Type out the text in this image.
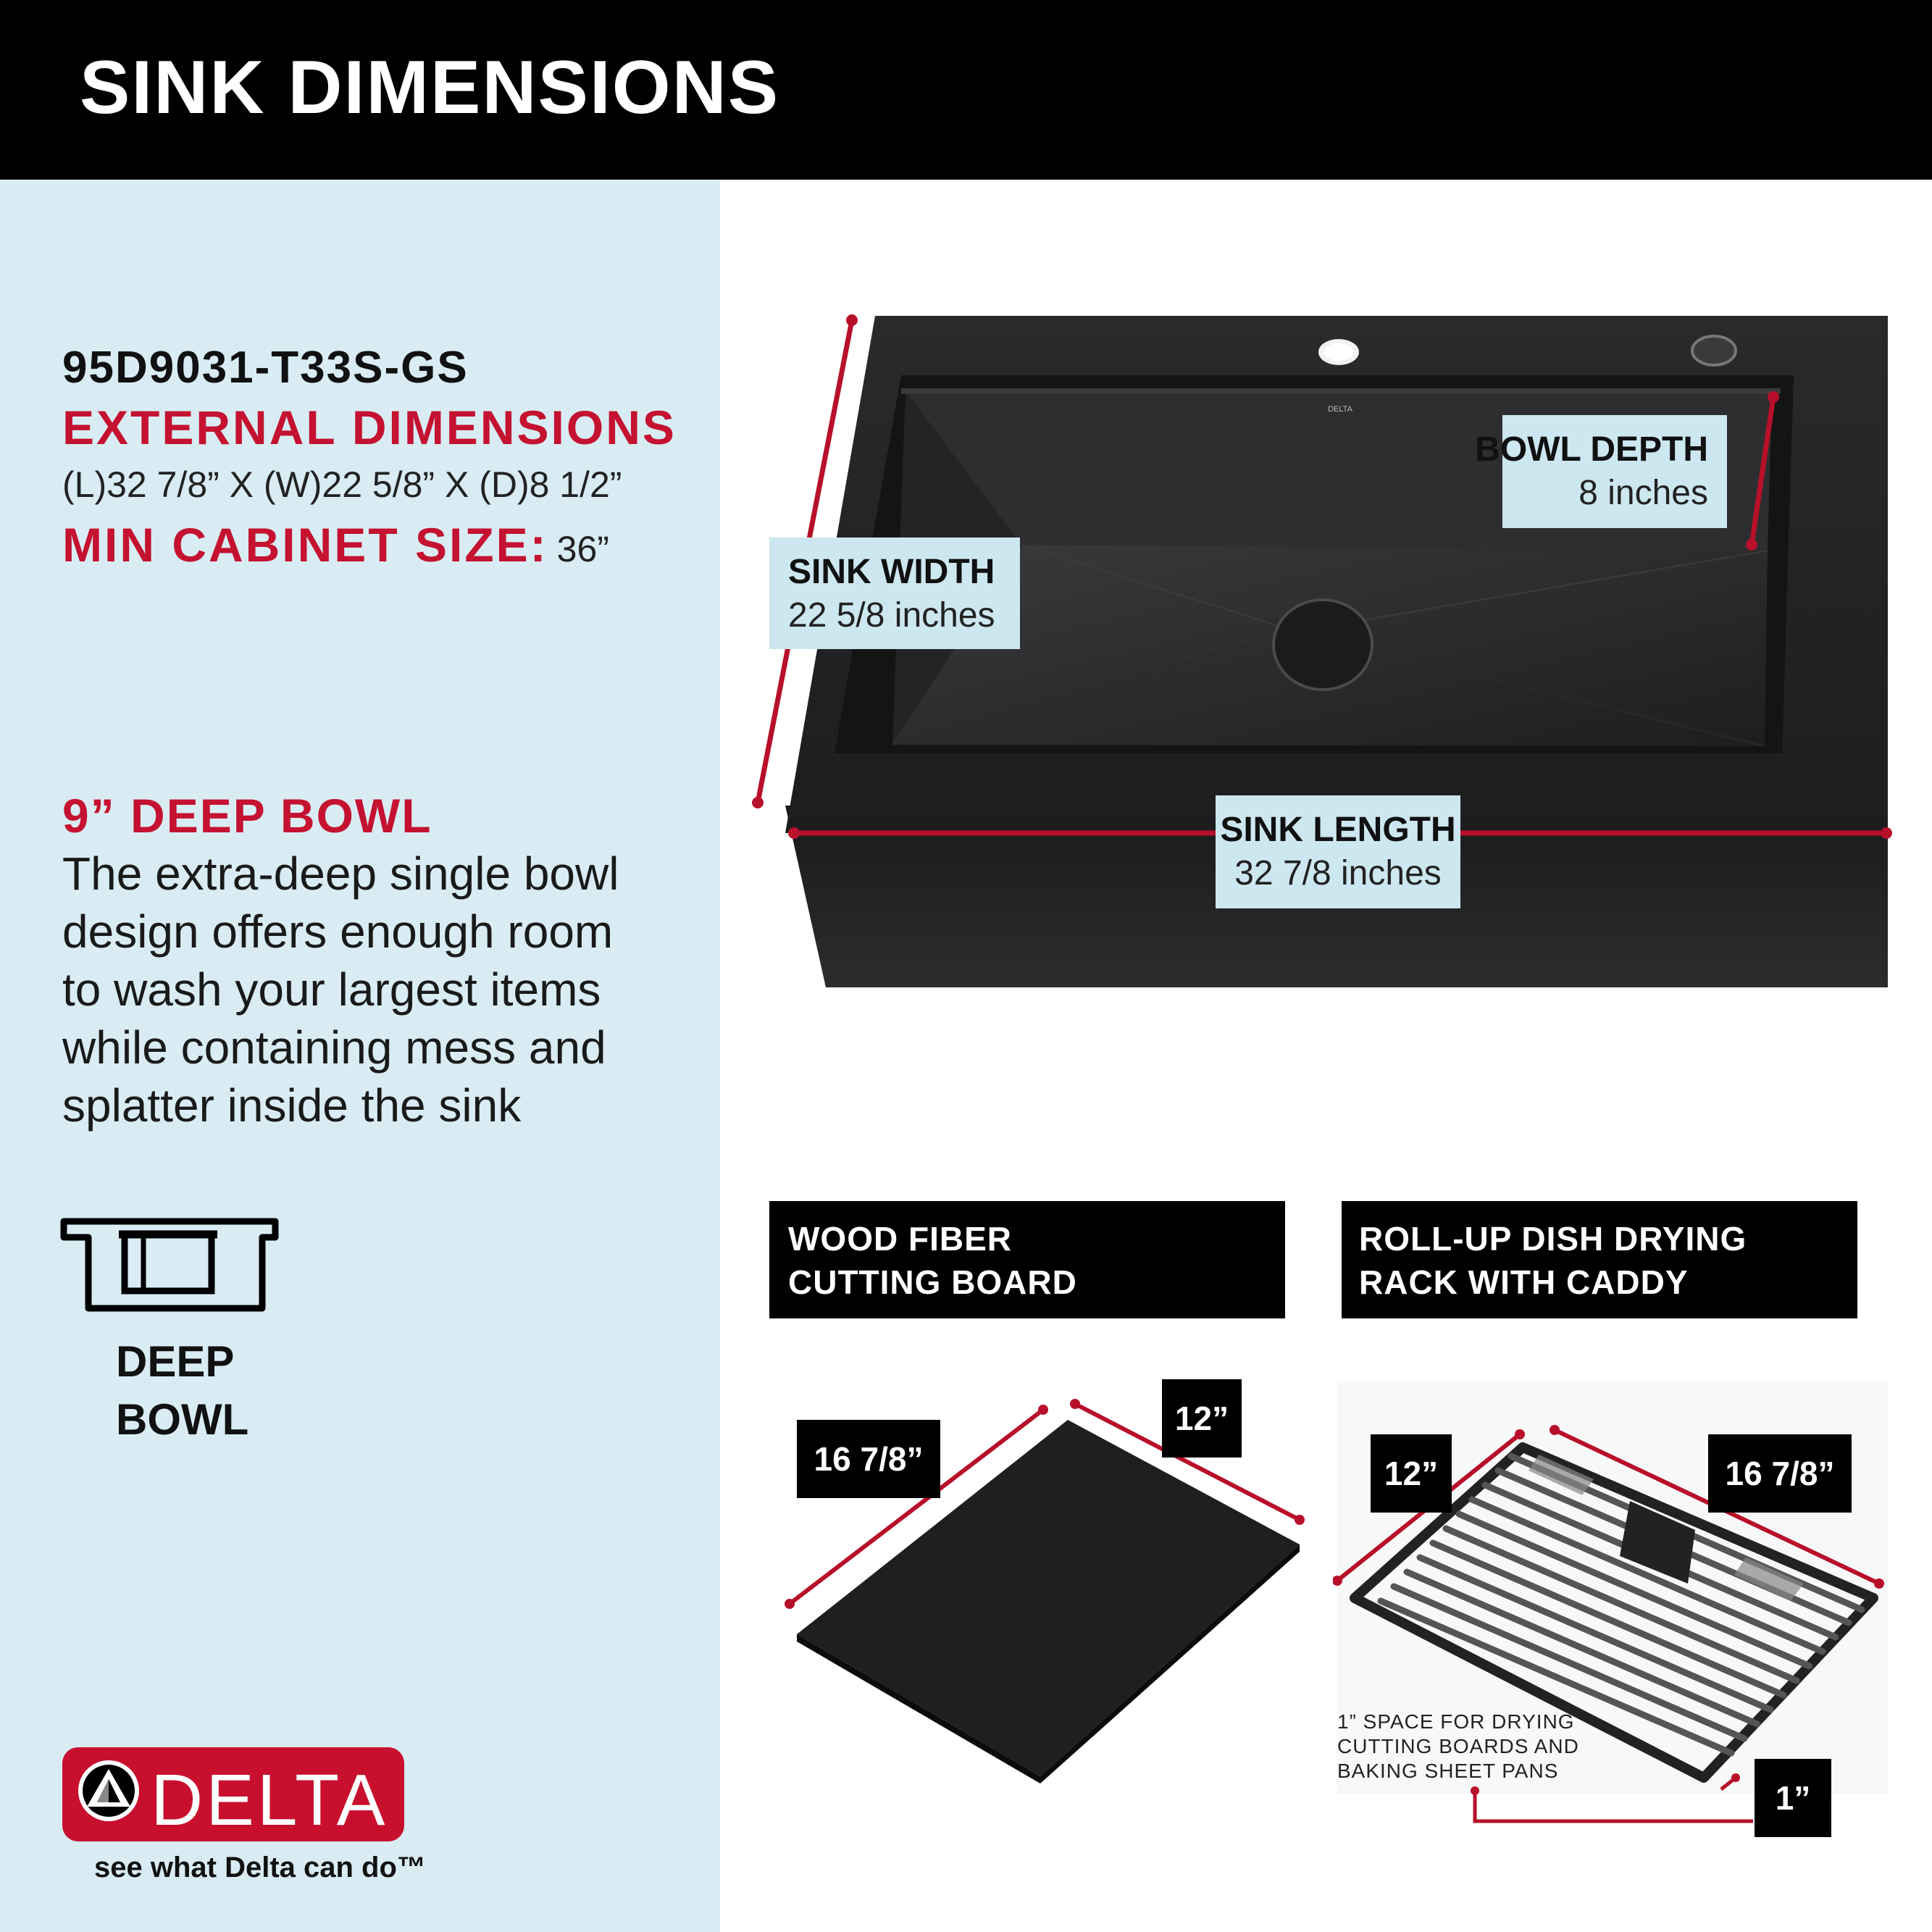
SINK DIMENSIONS
95D9031-T33S-GS
EXTERNAL DIMENSIONS
(L)32 7/8” X (W)22 5/8” X (D)8 1/2”
MIN CABINET SIZE: 36”
9” DEEP BOWL
The extra-deep single bowl
design offers enough room
to wash your largest items
while containing mess and
splatter inside the sink
DEEP
BOWL
DELTA
see what Delta can do™
DELTA
SINK WIDTH
22 5/8 inches
BOWL DEPTH
8 inches
SINK LENGTH
32 7/8 inches
WOOD FIBER
CUTTING BOARD
ROLL-UP DISH DRYING
RACK WITH CADDY
16 7/8”
12”
12”	16 7/8”
1” SPACE FOR DRYING
CUTTING BOARDS AND
BAKING SHEET PANS
1”
